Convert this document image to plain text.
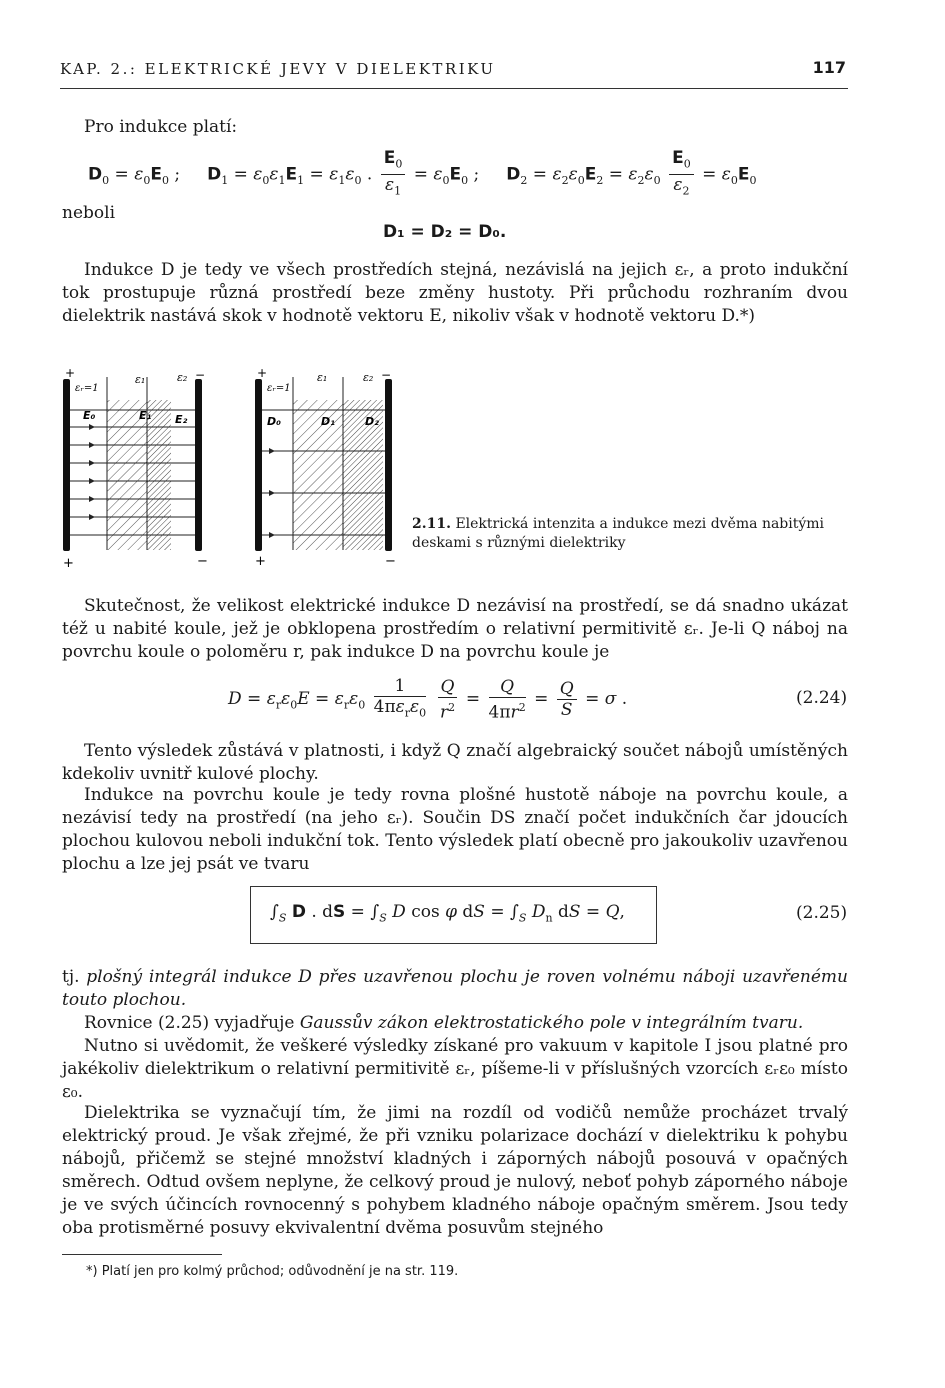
KAP. 2.: ELEKTRICKÉ JEVY V DIELEKTRIKU	117
Pro indukce platí:
$D_0 = \varepsilon_0E_0$ ;     $D_1 = \varepsilon_0\varepsilon_1E_1 = \varepsilon_1\varepsilon_0$ . $\frac{E_0}{\varepsilon_1} = \varepsilon_0E_0$ ;     $D_2 = \varepsilon_2\varepsilon_0E_2 = \varepsilon_2\varepsilon_0 \frac{E_0}{\varepsilon_2} = \varepsilon_0E_0$
neboli
D₁ = D₂ = D₀.
Indukce D je tedy ve všech prostředích stejná, nezávislá na jejich εᵣ, a proto indukční tok prostupuje různá prostředí beze změny hustoty. Při průchodu rozhraním dvou dielektrik nastává skok v hodnotě vektoru E, nikoliv však v hodnotě vektoru D.*)
+
εᵣ=1
ε₁	ε₂ −
E₀	E₁ E₂
+	−
+
εᵣ=1
ε₁	ε₂ −
D₀	D₁	D₂
+	−
2.11. Elektrická intenzita a indukce mezi dvěma nabitými deskami s různými dielektriky
Skutečnost, že velikost elektrické indukce D nezávisí na prostředí, se dá snadno ukázat též u nabité koule, jež je obklopena prostředím o relativní permitivitě εᵣ. Je-li Q náboj na povrchu koule o poloměru r, pak indukce D na povrchu koule je
$D = \varepsilon_r\varepsilon_0E = \varepsilon_r\varepsilon_0 \frac{1}{4\pi\varepsilon_r\varepsilon_0}$
$\frac{Q}{r^2} = \frac{Q}{4\pi r^2} = \frac{Q}{S} = \sigma$ .	(2.24)
Tento výsledek zůstává v platnosti, i když Q značí algebraický součet nábojů umístěných kdekoliv uvnitř kulové plochy.
Indukce na povrchu koule je tedy rovna plošné hustotě náboje na povrchu koule, a nezávisí tedy na prostředí (na jeho εᵣ). Součin DS značí počet indukčních čar jdoucích plochou kulovou neboli indukční tok. Tento výsledek platí obecně pro jakoukoliv uzavřenou plochu a lze jej psát ve tvaru
$\int_S$ D . dS = $\int_S$ D cos φ dS = $\int_S$ $D_n$ dS = Q,	(2.25)
tj. plošný integrál indukce D přes uzavřenou plochu je roven volnému náboji uzavřenému touto plochou.
Rovnice (2.25) vyjadřuje Gaussův zákon elektrostatického pole v integrálním tvaru.
Nutno si uvědomit, že veškeré výsledky získané pro vakuum v kapitole I jsou platné pro jakékoliv dielektrikum o relativní permitivitě εᵣ, píšeme-li v příslušných vzorcích εᵣε₀ místo ε₀.
Dielektrika se vyznačují tím, že jimi na rozdíl od vodičů nemůže procházet trvalý elektrický proud. Je však zřejmé, že při vzniku polarizace dochází v dielektriku k pohybu nábojů, přičemž se stejné množství kladných i záporných nábojů posouvá v opačných směrech. Odtud ovšem neplyne, že celkový proud je nulový, neboť pohyb záporného náboje je ve svých účincích rovnocenný s pohybem kladného náboje opačným směrem. Jsou tedy oba protisměrné posuvy ekvivalentní dvěma posuvům stejného
*) Platí jen pro kolmý průchod; odůvodnění je na str. 119.
